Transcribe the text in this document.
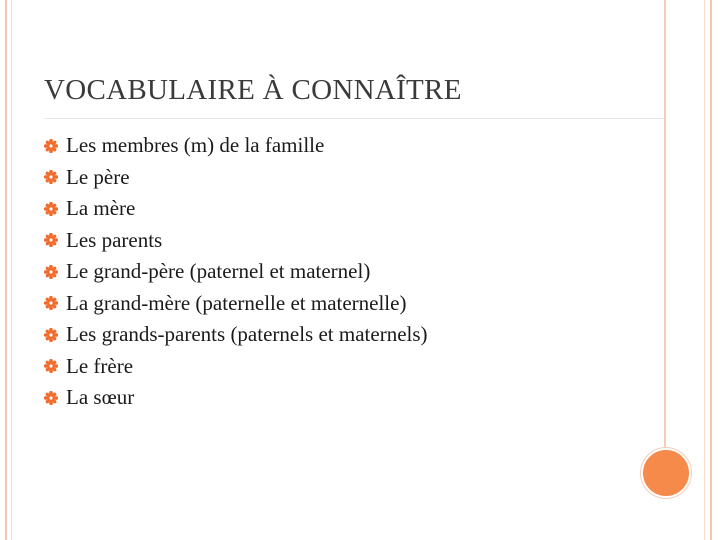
VOCABULAIRE À CONNAÎTRE
Les membres (m) de la famille
Le père
La mère
Les parents
Le grand-père (paternel et maternel)
La grand-mère (paternelle et maternelle)
Les grands-parents (paternels et maternels)
Le frère
La sœur
